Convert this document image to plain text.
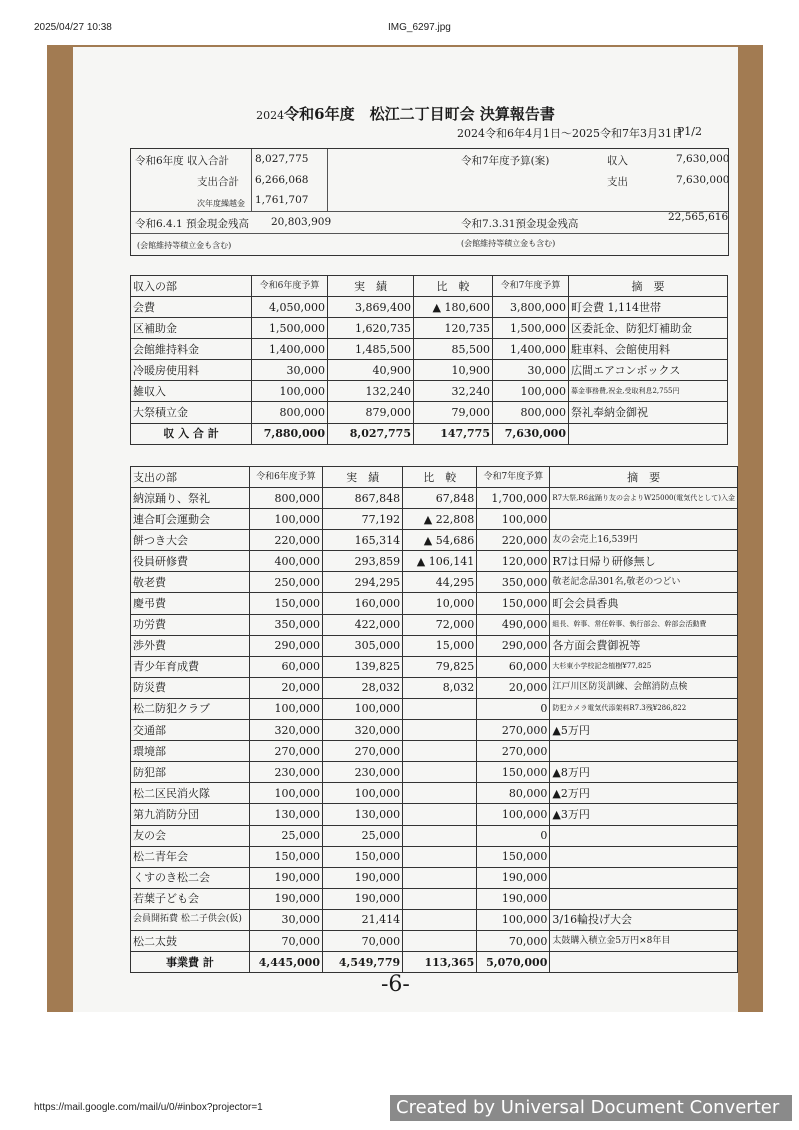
2025/04/27 10:38	IMG_6297.jpg
2024令和6年度　松江二丁目町会 決算報告書
2024令和6年4月1日～2025令和7年3月31日
P1/2
令和6年度 収入合計 8,027,775
支出合計 6,266,068
次年度繰越金 1,761,707
令和7年度予算(案)	収入	7,630,000
支出	7,630,000
令和6.4.1 預金現金残高 20,803,909
(会館維持等積立金も含む)
令和7.3.31預金現金残高
22,565,616
(会館維持等積立金も含む)
収入の部	令和6年度予算	実　績	比　較	令和7年度予算	摘　要
会費	4,050,000	3,869,400	▲ 180,600	3,800,000	町会費 1,114世帯
区補助金	1,500,000	1,620,735	120,735	1,500,000	区委託金、防犯灯補助金
会館維持料金	1,400,000	1,485,500	85,500	1,400,000	駐車料、会館使用料
冷暖房使用料	30,000	40,900	10,900	30,000	広間エアコンボックス
雑収入	100,000	132,240	32,240	100,000	募金事務費,祝金,受取利息2,755円
大祭積立金	800,000	879,000	79,000	800,000	祭礼奉納金御祝
収 入 合 計	7,880,000	8,027,775	147,775	7,630,000	
支出の部	令和6年度予算	実　績	比　較	令和7年度予算	摘　要
納涼踊り、祭礼	800,000	867,848	67,848	1,700,000	R7大祭,R6盆踊り友の会よりW25000(電気代として)入金
連合町会運動会	100,000	77,192	▲ 22,808	100,000	
餅つき大会	220,000	165,314	▲ 54,686	220,000	友の会売上16,539円
役員研修費	400,000	293,859	▲ 106,141	120,000	R7は日帰り研修無し
敬老費	250,000	294,295	44,295	350,000	敬老記念品301名,敬老のつどい
慶弔費	150,000	160,000	10,000	150,000	町会会員香典
功労費	350,000	422,000	72,000	490,000	組長、幹事、常任幹事、執行部会、幹部会活動費
渉外費	290,000	305,000	15,000	290,000	各方面会費御祝等
青少年育成費	60,000	139,825	79,825	60,000	大杉東小学校記念植樹¥77,825
防災費	20,000	28,032	8,032	20,000	江戸川区防災訓練、会館消防点検
松二防犯クラブ	100,000	100,000		0	防犯カメラ電気代添架料R7.3残¥286,822
交通部	320,000	320,000		270,000	▲5万円
環境部	270,000	270,000		270,000	
防犯部	230,000	230,000		150,000	▲8万円
松二区民消火隊	100,000	100,000		80,000	▲2万円
第九消防分団	130,000	130,000		100,000	▲3万円
友の会	25,000	25,000		0	
松二青年会	150,000	150,000		150,000	
くすのき松二会	190,000	190,000		190,000	
若葉子ども会	190,000	190,000		190,000	
会員開拓費 松二子供会(仮)	30,000	21,414		100,000	3/16輪投げ大会
松二太鼓	70,000	70,000		70,000	太鼓購入積立金5万円×8年目
事業費 計	4,445,000	4,549,779	113,365	5,070,000	
-6-
https://mail.google.com/mail/u/0/#inbox?projector=1	Created by Universal Document Converter
